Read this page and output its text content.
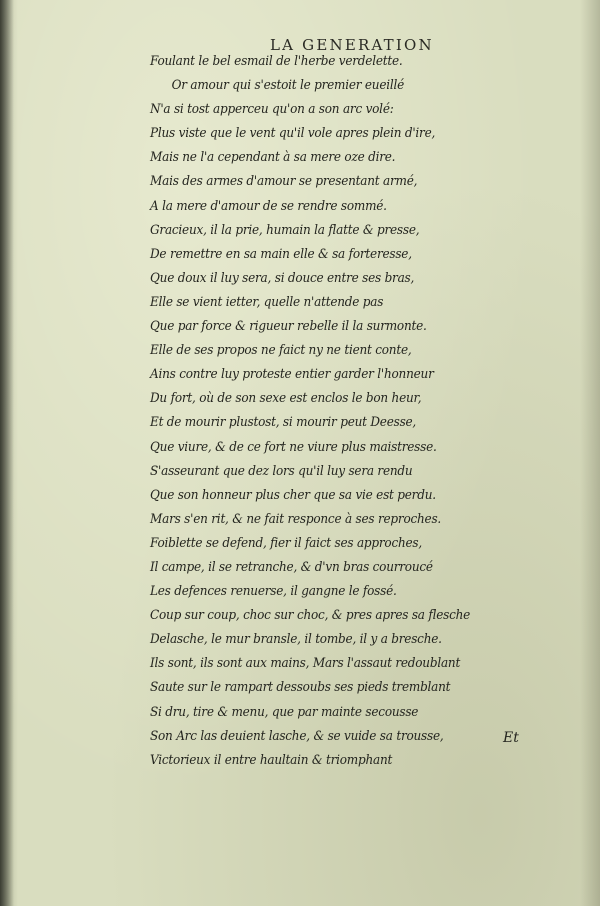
LA GENERATION
Foulant le bel esmail de l'herbe verdelette.
Or amour qui s'estoit le premier eueillé
N'a si tost apperceu qu'on a son arc volé:
Plus viste que le vent qu'il vole apres plein d'ire,
Mais ne l'a cependant à sa mere oze dire.
Mais des armes d'amour se presentant armé,
A la mere d'amour de se rendre sommé.
Gracieux, il la prie, humain la flatte & presse,
De remettre en sa main elle & sa forteresse,
Que doux il luy sera, si douce entre ses bras,
Elle se vient ietter, quelle n'attende pas
Que par force & rigueur rebelle il la surmonte.
Elle de ses propos ne faict ny ne tient conte,
Ains contre luy proteste entier garder l'honneur
Du fort, où de son sexe est enclos le bon heur,
Et de mourir plustost, si mourir peut Deesse,
Que viure, & de ce fort ne viure plus maistresse.
S'asseurant que dez lors qu'il luy sera rendu
Que son honneur plus cher que sa vie est perdu.
Mars s'en rit, & ne fait responce à ses reproches.
Foiblette se defend, fier il faict ses approches,
Il campe, il se retranche, & d'vn bras courroucé
Les defences renuerse, il gangne le fossé.
Coup sur coup, choc sur choc, & pres apres sa flesche
Delasche, le mur bransle, il tombe, il y a bresche.
Ils sont, ils sont aux mains, Mars l'assaut redoublant
Saute sur le rampart dessoubs ses pieds tremblant
Si dru, tire & menu, que par mainte secousse
Son Arc las deuient lasche, & se vuide sa trousse,
Victorieux il entre haultain & triomphant
Et
